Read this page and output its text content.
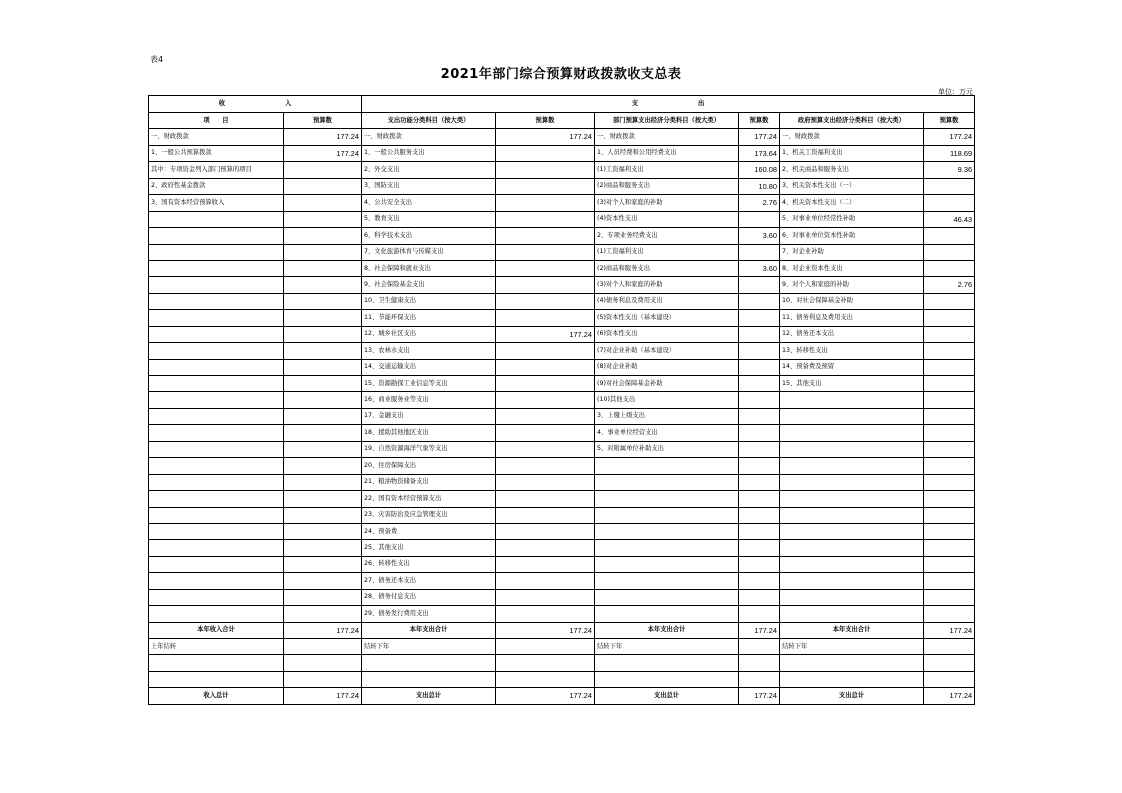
表4
2021年部门综合预算财政拨款收支总表
单位：万元
收 入		支 出					
项　　目	预算数	支出功能分类科目（按大类）	预算数	部门预算支出经济分类科目（按大类）	预算数	政府预算支出经济分类科目（按大类）	预算数
一、财政拨款	177.24	一、财政拨款	177.24	一、财政拨款	177.24	一、财政拨款	177.24
1、一般公共预算拨款	177.24	1、一般公共服务支出		1、人员经费和公用经费支出	173.64	1、机关工资福利支出	118.69
其中：专项资金列入部门预算的项目		2、外交支出		(1)工资福利支出	160.08	2、机关商品和服务支出	9.36
2、政府性基金拨款		3、国防支出		(2)商品和服务支出	10.80	3、机关资本性支出（一）	
3、国有资本经营预算收入		4、公共安全支出		(3)对个人和家庭的补助	2.76	4、机关资本性支出（二）	
		5、教育支出		(4)资本性支出		5、对事业单位经常性补助	46.43
		6、科学技术支出		2、专项业务经费支出	3.60	6、对事业单位资本性补助	
		7、文化旅游体育与传媒支出		(1)工资福利支出		7、对企业补助	
		8、社会保障和就业支出		(2)商品和服务支出	3.60	8、对企业资本性支出	
		9、社会保险基金支出		(3)对个人和家庭的补助		9、对个人和家庭的补助	2.76
		10、卫生健康支出		(4)债务利息及费用支出		10、对社会保障基金补助	
		11、节能环保支出		(5)资本性支出（基本建设）		11、债务利息及费用支出	
		12、城乡社区支出	177.24	(6)资本性支出		12、债务还本支出	
		13、农林水支出		(7)对企业补助（基本建设）		13、转移性支出	
		14、交通运输支出		(8)对企业补助		14、预备费及预留	
		15、资源勘探工业信息等支出		(9)对社会保障基金补助		15、其他支出	
		16、商业服务业等支出		(10)其他支出			
		17、金融支出		3、上缴上级支出			
		18、援助其他地区支出		4、事业单位经营支出			
		19、自然资源海洋气象等支出		5、对附属单位补助支出			
		20、住房保障支出					
		21、粮油物资储备支出					
		22、国有资本经营预算支出					
		23、灾害防治及应急管理支出					
		24、预备费					
		25、其他支出					
		26、转移性支出					
		27、债务还本支出					
		28、债务付息支出					
		29、债务发行费用支出					
本年收入合计	177.24	本年支出合计	177.24	本年支出合计	177.24	本年支出合计	177.24
上年结转		结转下年		结转下年		结转下年	

收入总计	177.24	支出总计	177.24	支出总计	177.24	支出总计	177.24
